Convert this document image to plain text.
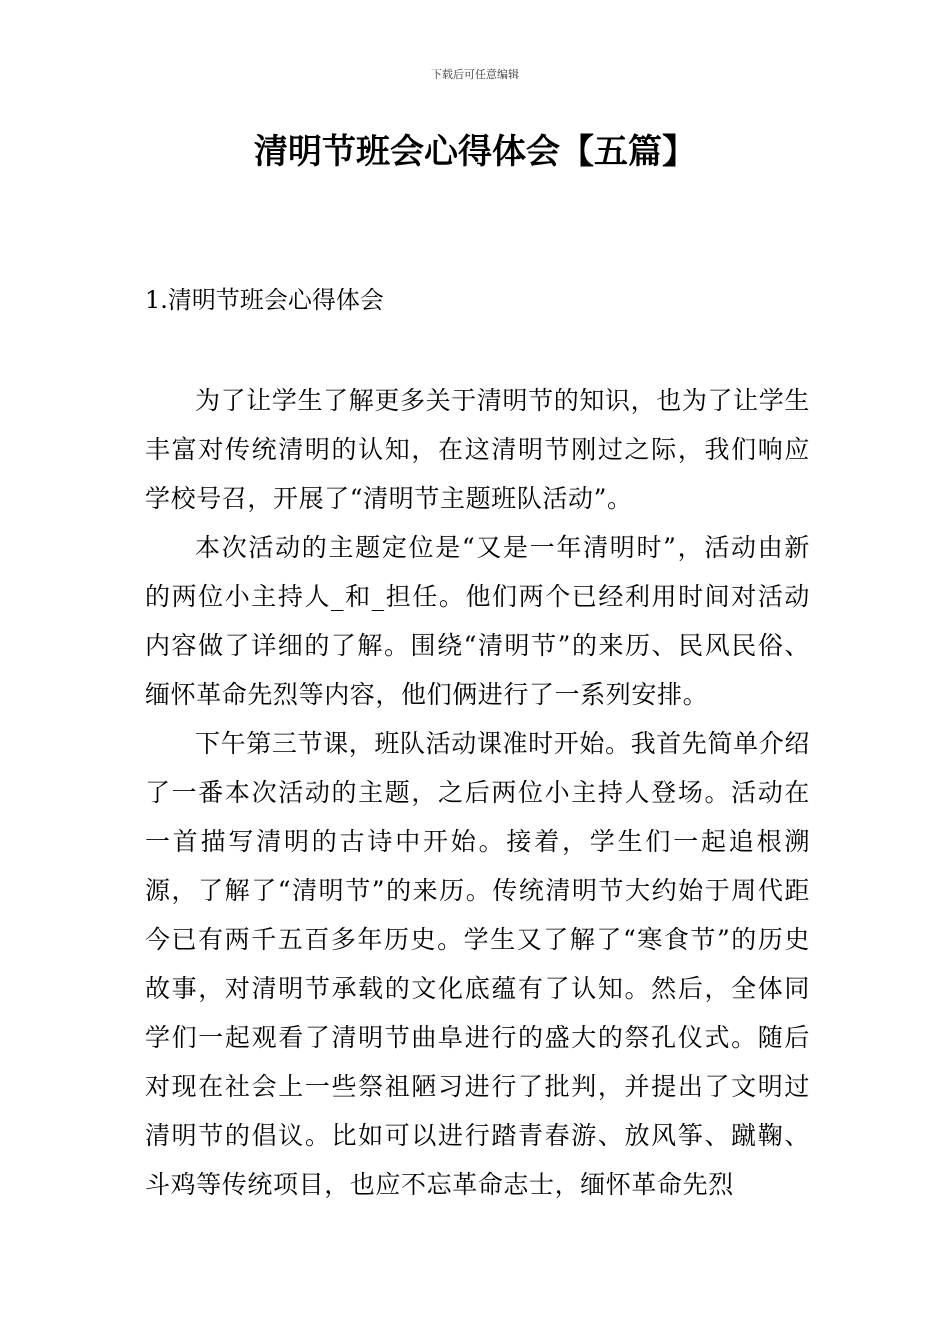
下载后可任意编辑
清明节班会心得体会【五篇】
1.清明节班会心得体会

为了让学生了解更多关于清明节的知识，也为了让学生丰富对传统清明的认知，在这清明节刚过之际，我们响应学校号召，开展了“清明节主题班队活动”。

本次活动的主题定位是“又是一年清明时”，活动由新的两位小主持人_和_担任。他们两个已经利用时间对活动内容做了详细的了解。围绕“清明节”的来历、民风民俗、缅怀革命先烈等内容，他们俩进行了一系列安排。

下午第三节课，班队活动课准时开始。我首先简单介绍了一番本次活动的主题，之后两位小主持人登场。活动在一首描写清明的古诗中开始。接着，学生们一起追根溯源，了解了“清明节”的来历。传统清明节大约始于周代距今已有两千五百多年历史。学生又了解了“寒食节”的历史故事，对清明节承载的文化底蕴有了认知。然后，全体同学们一起观看了清明节曲阜进行的盛大的祭孔仪式。随后对现在社会上一些祭祖陋习进行了批判，并提出了文明过清明节的倡议。比如可以进行踏青春游、放风筝、蹴鞠、斗鸡等传统项目，也应不忘革命志士，缅怀革命先烈
